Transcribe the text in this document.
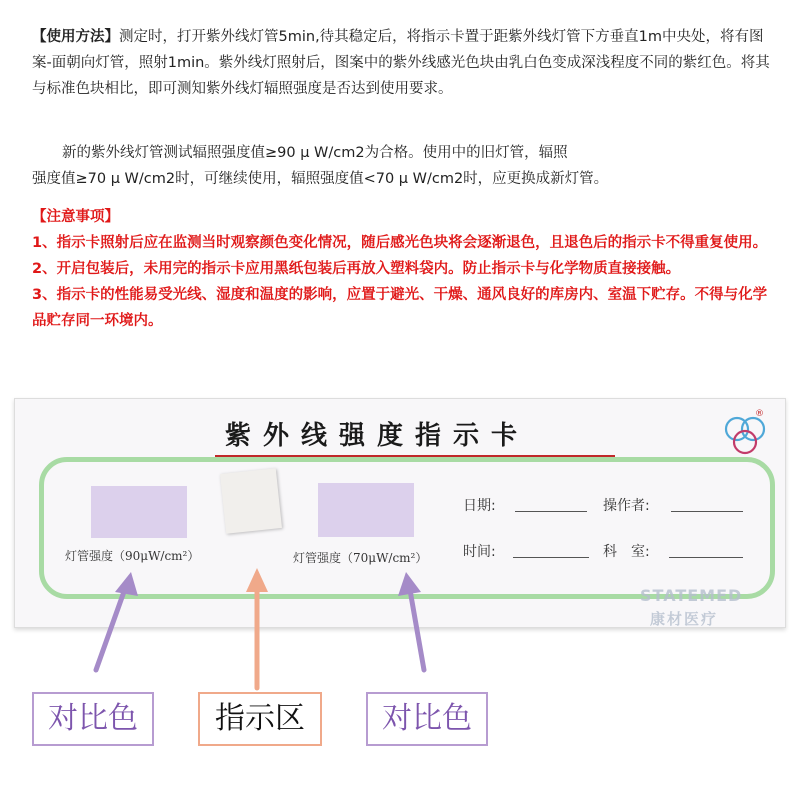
【使用方法】测定时，打开紫外线灯管5min,待其稳定后，将指示卡置于距紫外线灯管下方垂直1m中央处，将有图案-面朝向灯管，照射1min。紫外线灯照射后，图案中的紫外线感光色块由乳白色变成深浅程度不同的紫红色。将其与标准色块相比，即可测知紫外线灯辐照强度是否达到使用要求。

新的紫外线灯管测试辐照强度值≥90 μ W/cm2为合格。使用中的旧灯管，辐照

强度值≥70 μ W/cm2时，可继续使用，辐照强度值<70 μ W/cm2时，应更换成新灯管。

【注意事项】

1、指示卡照射后应在监测当时观察颜色变化情况，随后感光色块将会逐渐退色，且退色后的指示卡不得重复使用。

2、开启包装后，未用完的指示卡应用黑纸包装后再放入塑料袋内。防止指示卡与化学物质直接接触。

3、指示卡的性能易受光线、湿度和温度的影响，应置于避光、干燥、通风良好的库房内、室温下贮存。不得与化学品贮存同一环境内。

紫外线强度指示卡
®
灯管强度（90μW/cm²）	灯管强度（70μW/cm²）
日期:	操作者:
时间:	科　室:
STATEMED
康材医疗
对比色	指示区	对比色
